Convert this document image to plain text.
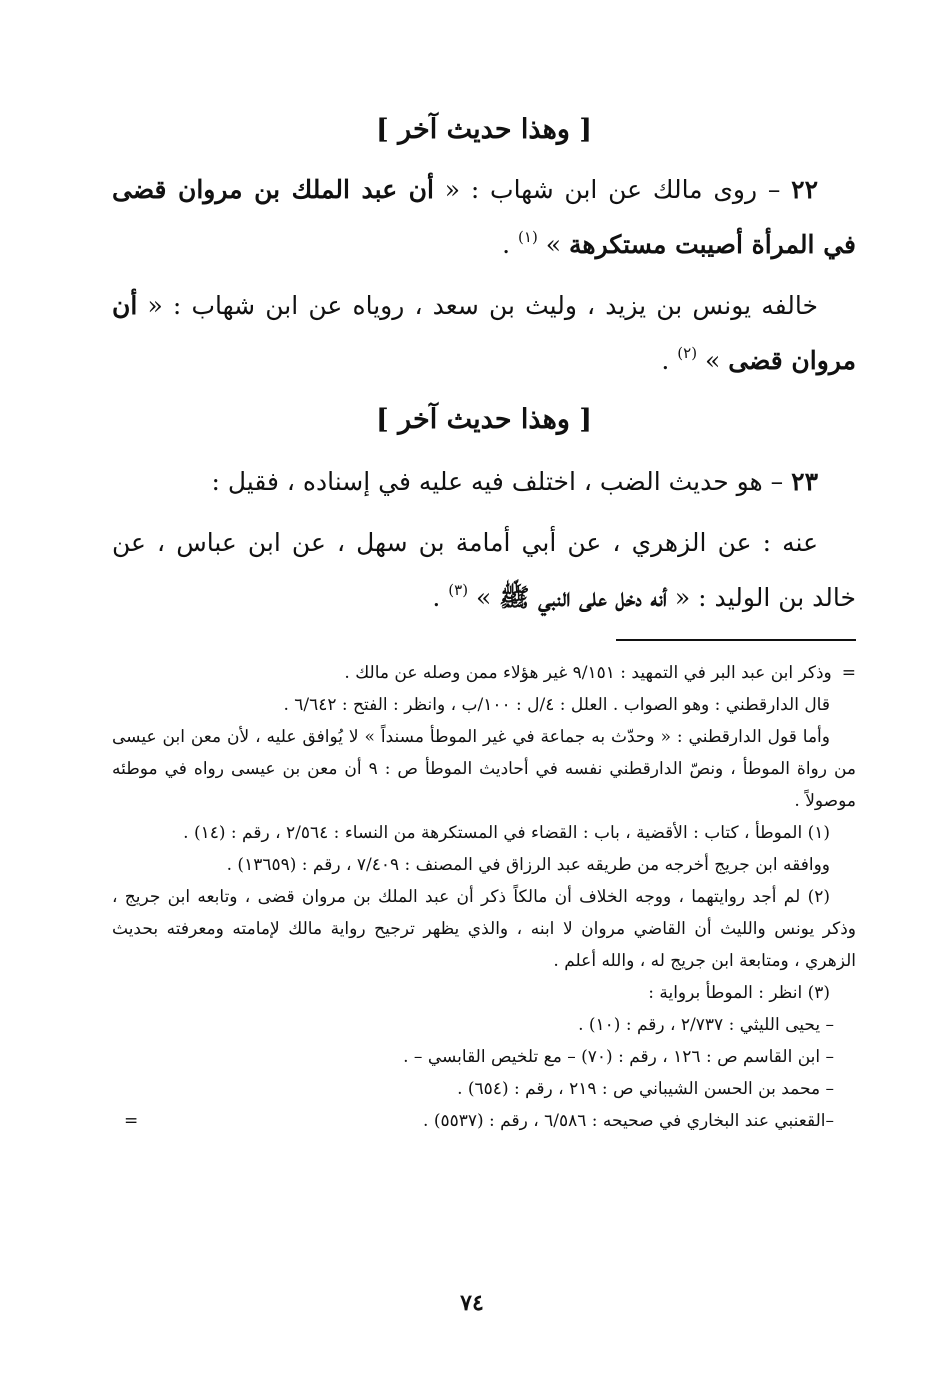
[ وهذا حديث آخر ]

٢٢ – روى مالك عن ابن شهاب : « أن عبد الملك بن مروان قضى في المرأة أصيبت مستكرهة » $^{(١)}$ .

خالفه يونس بن يزيد ، وليث بن سعد ، روياه عن ابن شهاب : « أن مروان قضى » $^{(٢)}$ .

[ وهذا حديث آخر ]

٢٣ – هو حديث الضب ، اختلف فيه عليه في إسناده ، فقيل :

عنه : عن الزهري ، عن أبي أمامة بن سهل ، عن ابن عباس ، عن خالد بن الوليد : « أنه دخل على النبي ﷺ » $^{(٣)}$ .

=وذكر ابن عبد البر في التمهيد : ٩/١٥١ غير هؤلاء ممن وصله عن مالك .

قال الدارقطني : وهو الصواب . العلل : ٤/ل : ١٠٠/ب ، وانظر : الفتح : ٦/٦٤٢ .

وأما قول الدارقطني : « وحدّث به جماعة في غير الموطأ مسنداً » لا يُوافق عليه ، لأن معن ابن عيسى من رواة الموطأ ، ونصّ الدارقطني نفسه في أحاديث الموطأ ص : ٩ أن معن بن عيسى رواه في موطئه موصولاً .

(١) الموطأ ، كتاب : الأقضية ، باب : القضاء في المستكرهة من النساء : ٢/٥٦٤ ، رقم : (١٤) .

ووافقه ابن جريج أخرجه من طريقه عبد الرزاق في المصنف : ٧/٤٠٩ ، رقم : (١٣٦٥٩) .

(٢) لم أجد روايتهما ، ووجه الخلاف أن مالكاً ذكر أن عبد الملك بن مروان قضى ، وتابعه ابن جريج ، وذكر يونس والليث أن القاضي مروان لا ابنه ، والذي يظهر ترجيح رواية مالك لإمامته ومعرفته بحديث الزهري ، ومتابعة ابن جريج له ، والله أعلم .

(٣) انظر : الموطأ برواية :

– يحيى الليثي : ٢/٧٣٧ ، رقم : (١٠) .

– ابن القاسم ص : ١٢٦ ، رقم : (٧٠) – مع تلخيص القابسي – .

– محمد بن الحسن الشيباني ص : ٢١٩ ، رقم : (٦٥٤) .

–القعنبي عند البخاري في صحيحه : ٦/٥٨٦ ، رقم : (٥٥٣٧) .
=

٧٤
